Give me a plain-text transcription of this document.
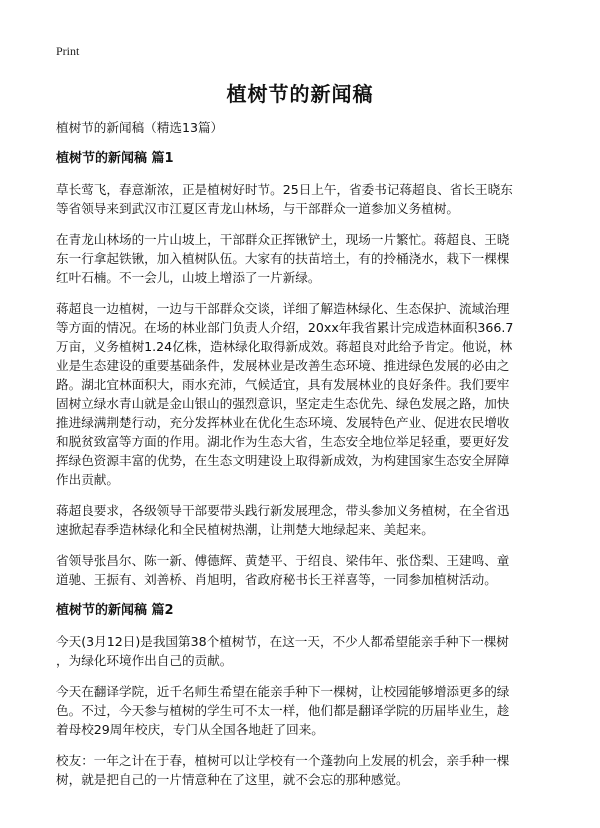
Print
植树节的新闻稿
植树节的新闻稿（精选13篇）
植树节的新闻稿 篇1
草长莺飞，春意渐浓，正是植树好时节。25日上午，省委书记蒋超良、省长王晓东
等省领导来到武汉市江夏区青龙山林场，与干部群众一道参加义务植树。
在青龙山林场的一片山坡上，干部群众正挥锹铲土，现场一片繁忙。蒋超良、王晓
东一行拿起铁锹，加入植树队伍。大家有的扶苗培土，有的拎桶浇水，栽下一棵棵
红叶石楠。不一会儿，山坡上增添了一片新绿。
蒋超良一边植树，一边与干部群众交谈，详细了解造林绿化、生态保护、流域治理
等方面的情况。在场的林业部门负责人介绍，20xx年我省累计完成造林面积366.7
万亩，义务植树1.24亿株，造林绿化取得新成效。蒋超良对此给予肯定。他说，林
业是生态建设的重要基础条件，发展林业是改善生态环境、推进绿色发展的必由之
路。湖北宜林面积大，雨水充沛，气候适宜，具有发展林业的良好条件。我们要牢
固树立绿水青山就是金山银山的强烈意识，坚定走生态优先、绿色发展之路，加快
推进绿满荆楚行动，充分发挥林业在优化生态环境、发展特色产业、促进农民增收
和脱贫致富等方面的作用。湖北作为生态大省，生态安全地位举足轻重，要更好发
挥绿色资源丰富的优势，在生态文明建设上取得新成效，为构建国家生态安全屏障
作出贡献。
蒋超良要求，各级领导干部要带头践行新发展理念，带头参加义务植树，在全省迅
速掀起春季造林绿化和全民植树热潮，让荆楚大地绿起来、美起来。
省领导张昌尔、陈一新、傅德辉、黄楚平、于绍良、梁伟年、张岱梨、王建鸣、童
道驰、王振有、刘善桥、肖旭明，省政府秘书长王祥喜等，一同参加植树活动。
植树节的新闻稿 篇2
今天(3月12日)是我国第38个植树节，在这一天，不少人都希望能亲手种下一棵树
，为绿化环境作出自己的贡献。
今天在翻译学院，近千名师生希望在能亲手种下一棵树，让校园能够增添更多的绿
色。不过，今天参与植树的学生可不太一样，他们都是翻译学院的历届毕业生，趁
着母校29周年校庆，专门从全国各地赶了回来。
校友：一年之计在于春，植树可以让学校有一个蓬勃向上发展的机会，亲手种一棵
树，就是把自己的一片情意种在了这里，就不会忘的那种感觉。
